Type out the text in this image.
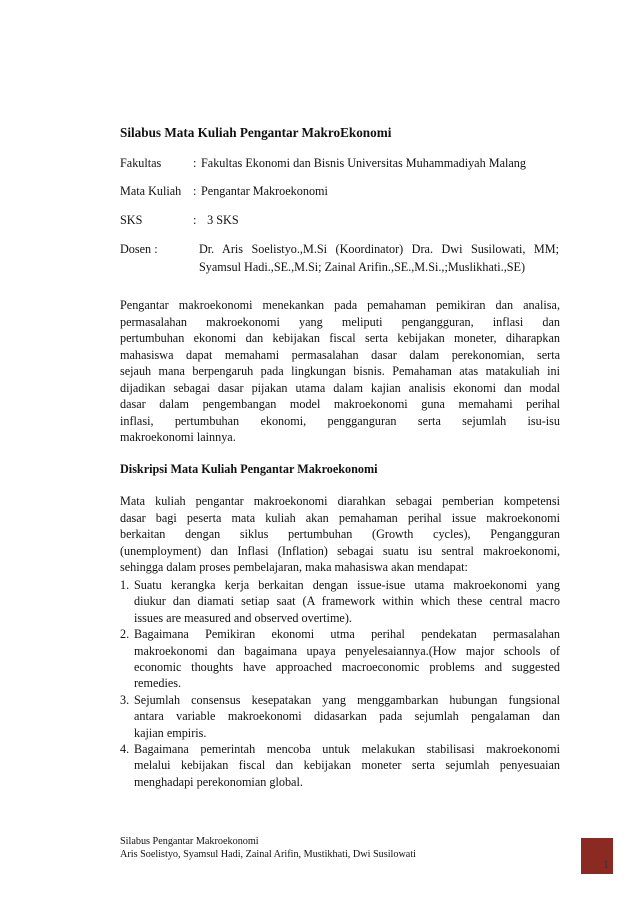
Silabus Mata Kuliah Pengantar MakroEkonomi
Fakultas	: Fakultas Ekonomi dan Bisnis Universitas Muhammadiyah Malang
Mata Kuliah : Pengantar Makroekonomi
SKS	: 3 SKS
Dosen :	Dr. Aris Soelistyo.,M.Si (Koordinator) Dra. Dwi Susilowati, MM;
Syamsul Hadi.,SE.,M.Si; Zainal Arifin.,SE.,M.Si.,;Muslikhati.,SE)
Pengantar makroekonomi menekankan pada pemahaman pemikiran dan analisa,
permasalahan makroekonomi yang meliputi pengangguran, inflasi dan
pertumbuhan ekonomi dan kebijakan fiscal serta kebijakan moneter, diharapkan
mahasiswa dapat memahami permasalahan dasar dalam perekonomian, serta
sejauh mana berpengaruh pada lingkungan bisnis. Pemahaman atas matakuliah ini
dijadikan sebagai dasar pijakan utama dalam kajian analisis ekonomi dan modal
dasar dalam pengembangan model makroekonomi guna memahami perihal
inflasi, pertumbuhan ekonomi, pengganguran serta sejumlah isu-isu
makroekonomi lainnya.
Diskripsi Mata Kuliah Pengantar Makroekonomi
Mata kuliah pengantar makroekonomi diarahkan sebagai pemberian kompetensi
dasar bagi peserta mata kuliah akan pemahaman perihal issue makroekonomi
berkaitan dengan siklus pertumbuhan (Growth cycles), Pengangguran
(unemployment) dan Inflasi (Inflation) sebagai suatu isu sentral makroekonomi,
sehingga dalam proses pembelajaran, maka mahasiswa akan mendapat:
1. Suatu kerangka kerja berkaitan dengan issue-isue utama makroekonomi yang
diukur dan diamati setiap saat (A framework within which these central macro
issues are measured and observed overtime).
2. Bagaimana Pemikiran ekonomi utma perihal pendekatan permasalahan
makroekonomi dan bagaimana upaya penyelesaiannya.(How major schools of
economic thoughts have approached macroeconomic problems and suggested
remedies.
3. Sejumlah consensus kesepatakan yang menggambarkan hubungan fungsional
antara variable makroekonomi didasarkan pada sejumlah pengalaman dan
kajian empiris.
4. Bagaimana pemerintah mencoba untuk melakukan stabilisasi makroekonomi
melalui kebijakan fiscal dan kebijakan moneter serta sejumlah penyesuaian
menghadapi perekonomian global.
Silabus Pengantar Makroekonomi
Aris Soelistyo, Syamsul Hadi, Zainal Arifin, Mustikhati, Dwi Susilowati
1
